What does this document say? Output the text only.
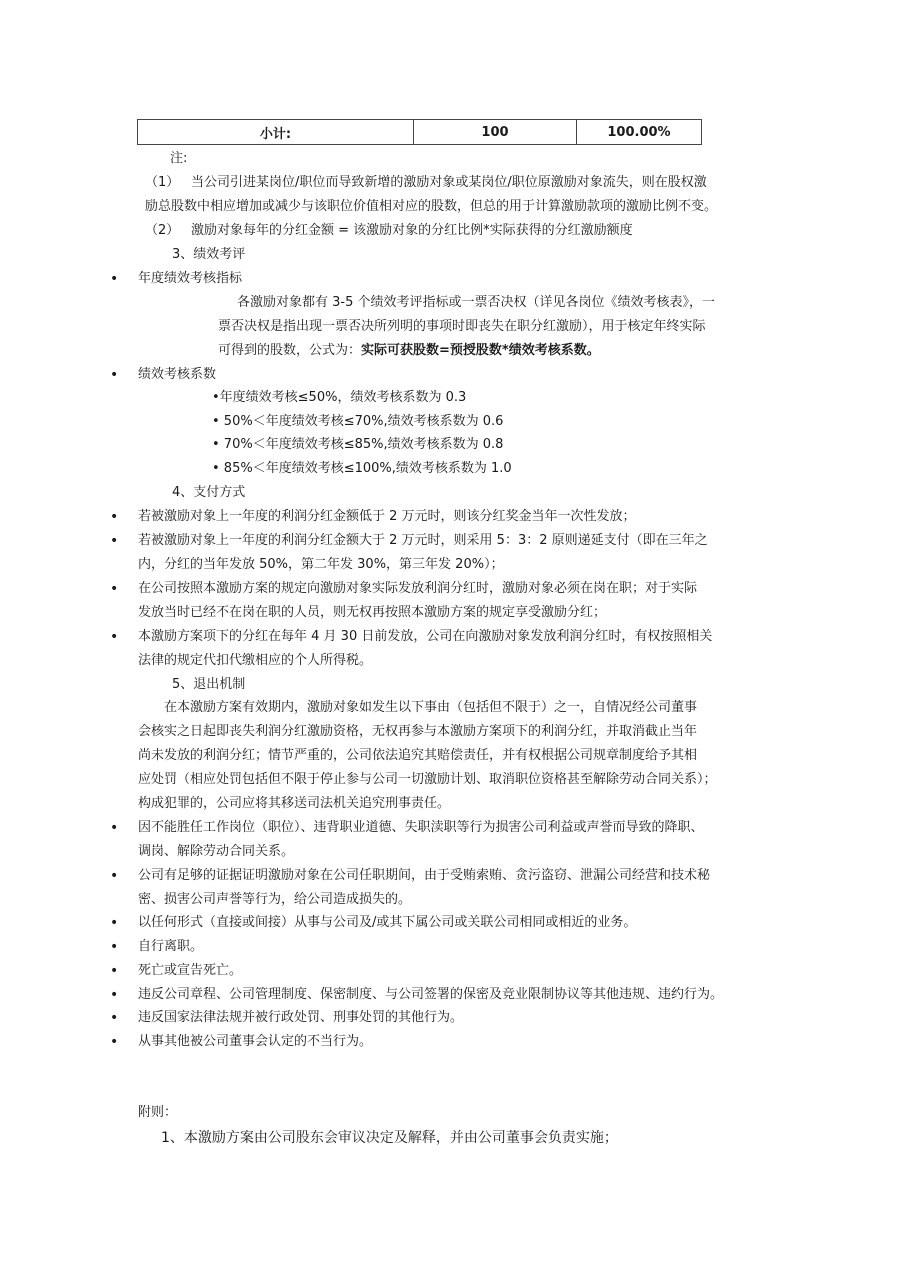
小计:	100	100.00%
注:
（1） 当公司引进某岗位/职位而导致新增的激励对象或某岗位/职位原激励对象流失，则在股权激
励总股数中相应增加或减少与该职位价值相对应的股数，但总的用于计算激励款项的激励比例不变。
（2） 激励对象每年的分红金额 = 该激励对象的分红比例*实际获得的分红激励额度
3、绩效考评
• 年度绩效考核指标
各激励对象都有 3-5 个绩效考评指标或一票否决权（详见各岗位《绩效考核表》，一
票否决权是指出现一票否决所列明的事项时即丧失在职分红激励），用于核定年终实际
可得到的股数，公式为：实际可获股数=预授股数*绩效考核系数。
• 绩效考核系数
•年度绩效考核≤50%，绩效考核系数为 0.3
• 50%＜年度绩效考核≤70%,绩效考核系数为 0.6
• 70%＜年度绩效考核≤85%,绩效考核系数为 0.8
• 85%＜年度绩效考核≤100%,绩效考核系数为 1.0
4、支付方式
• 若被激励对象上一年度的利润分红金额低于 2 万元时，则该分红奖金当年一次性发放；
• 若被激励对象上一年度的利润分红金额大于 2 万元时，则采用 5：3：2 原则递延支付（即在三年之
内，分红的当年发放 50%，第二年发 30%，第三年发 20%）；
• 在公司按照本激励方案的规定向激励对象实际发放利润分红时，激励对象必须在岗在职；对于实际
发放当时已经不在岗在职的人员，则无权再按照本激励方案的规定享受激励分红；
• 本激励方案项下的分红在每年 4 月 30 日前发放，公司在向激励对象发放利润分红时，有权按照相关
法律的规定代扣代缴相应的个人所得税。
5、退出机制
在本激励方案有效期内，激励对象如发生以下事由（包括但不限于）之一，自情况经公司董事
会核实之日起即丧失利润分红激励资格，无权再参与本激励方案项下的利润分红，并取消截止当年
尚未发放的利润分红；情节严重的，公司依法追究其赔偿责任，并有权根据公司规章制度给予其相
应处罚（相应处罚包括但不限于停止参与公司一切激励计划、取消职位资格甚至解除劳动合同关系）；
构成犯罪的，公司应将其移送司法机关追究刑事责任。
• 因不能胜任工作岗位（职位）、违背职业道德、失职渎职等行为损害公司利益或声誉而导致的降职、
调岗、解除劳动合同关系。
• 公司有足够的证据证明激励对象在公司任职期间，由于受贿索贿、贪污盗窃、泄漏公司经营和技术秘
密、损害公司声誉等行为，给公司造成损失的。
• 以任何形式（直接或间接）从事与公司及/或其下属公司或关联公司相同或相近的业务。
• 自行离职。
• 死亡或宣告死亡。
• 违反公司章程、公司管理制度、保密制度、与公司签署的保密及竞业限制协议等其他违规、违约行为。
• 违反国家法律法规并被行政处罚、刑事处罚的其他行为。
• 从事其他被公司董事会认定的不当行为。
附则：
1、本激励方案由公司股东会审议决定及解释，并由公司董事会负责实施；
